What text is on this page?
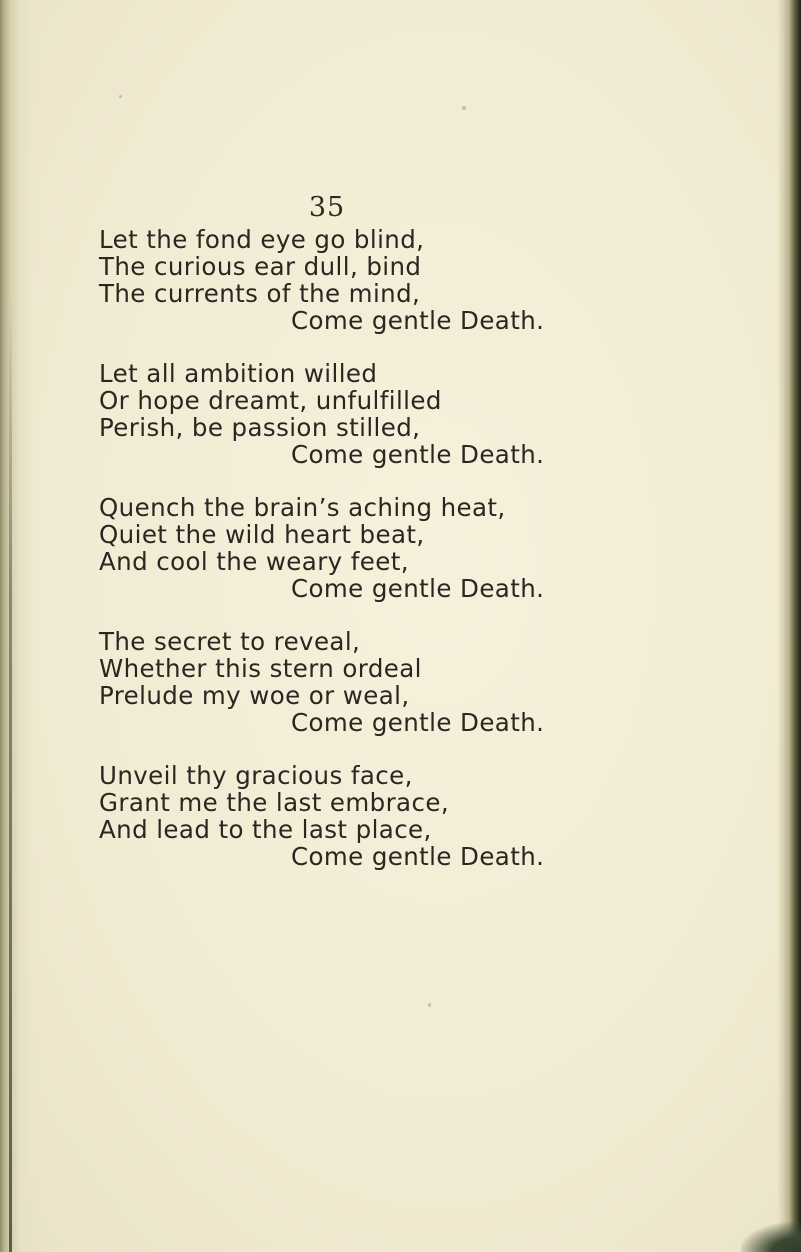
35
Let the fond eye go blind,
The curious ear dull, bind
The currents of the mind,
Come gentle Death.
Let all ambition willed
Or hope dreamt, unfulfilled
Perish, be passion stilled,
Come gentle Death.
Quench the brain’s aching heat,
Quiet the wild heart beat,
And cool the weary feet,
Come gentle Death.
The secret to reveal,
Whether this stern ordeal
Prelude my woe or weal,
Come gentle Death.
Unveil thy gracious face,
Grant me the last embrace,
And lead to the last place,
Come gentle Death.
